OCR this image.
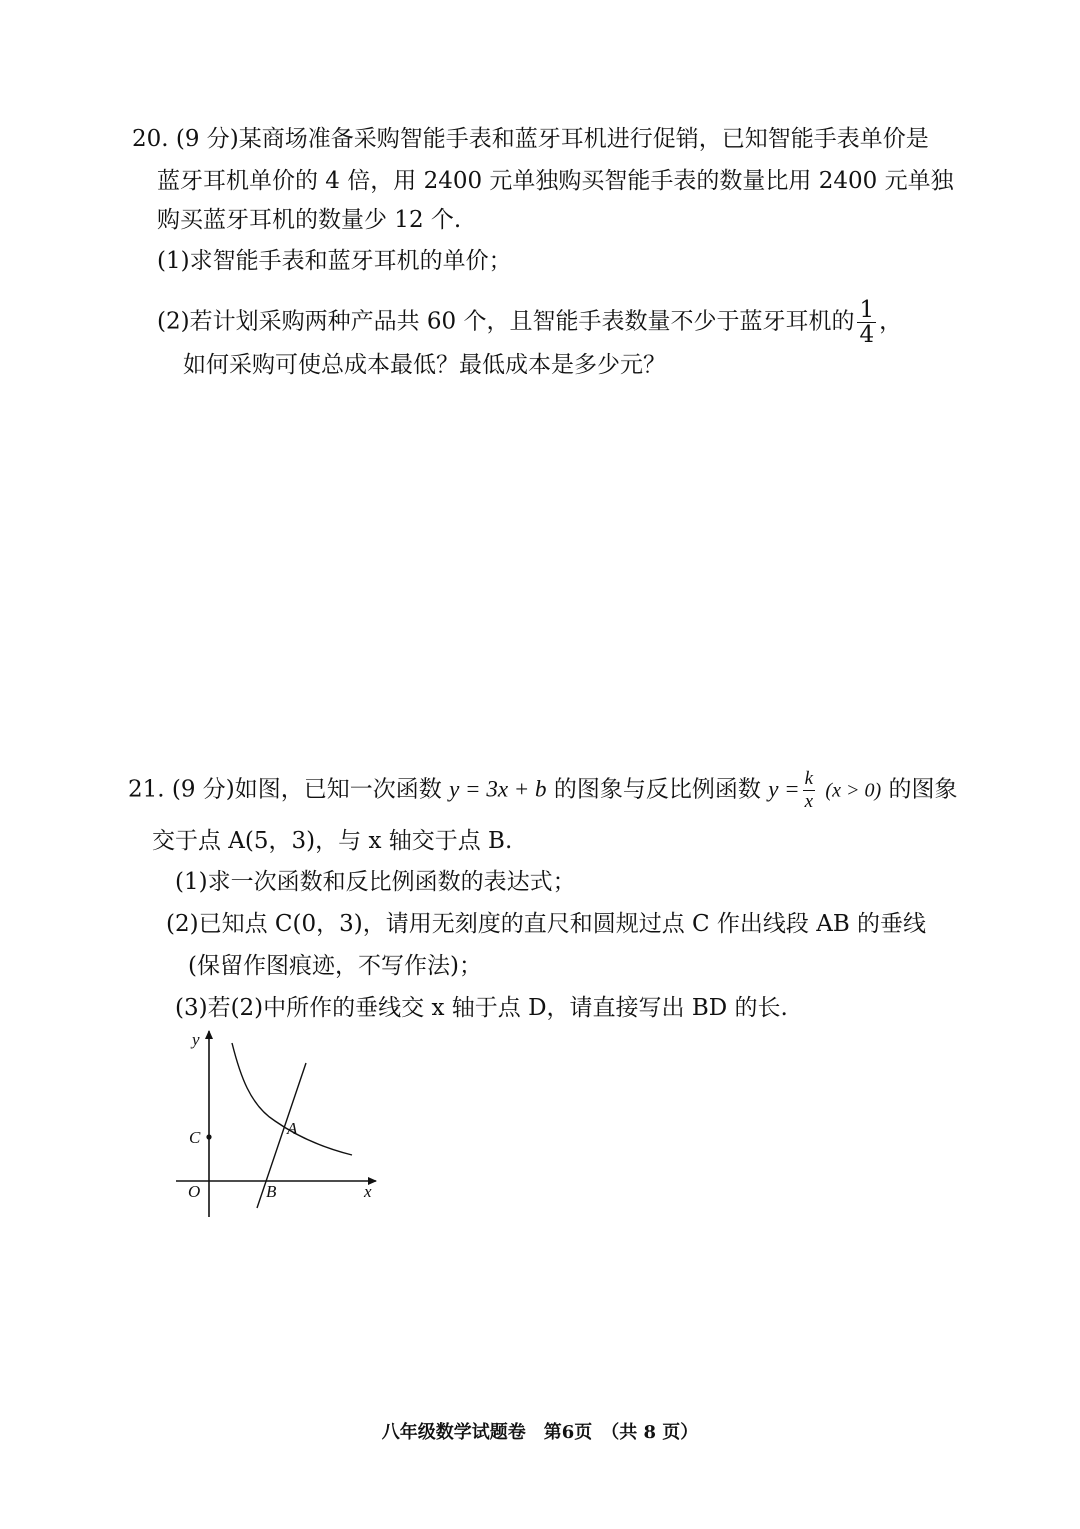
20. (9 分)某商场准备采购智能手表和蓝牙耳机进行促销，已知智能手表单价是
蓝牙耳机单价的 4 倍，用 2400 元单独购买智能手表的数量比用 2400 元单独
购买蓝牙耳机的数量少 12 个.
(1)求智能手表和蓝牙耳机的单价；
(2)若计划采购两种产品共 60 个，且智能手表数量不少于蓝牙耳机的 $\frac{1}{4}$ ，
如何采购可使总成本最低？最低成本是多少元？
21. (9 分)如图，已知一次函数 y = 3x + b 的图象与反比例函数 $y = \frac{k}{x} (x > 0)$ 的图象
交于点 A(5，3)，与 x 轴交于点 B.
(1)求一次函数和反比例函数的表达式；
(2)已知点 C(0，3)，请用无刻度的直尺和圆规过点 C 作出线段 AB 的垂线
(保留作图痕迹，不写作法)；
(3)若(2)中所作的垂线交 x 轴于点 D，请直接写出 BD 的长.
y
x
O
A
B
C
八年级数学试题卷　第6页　（共 8 页）
